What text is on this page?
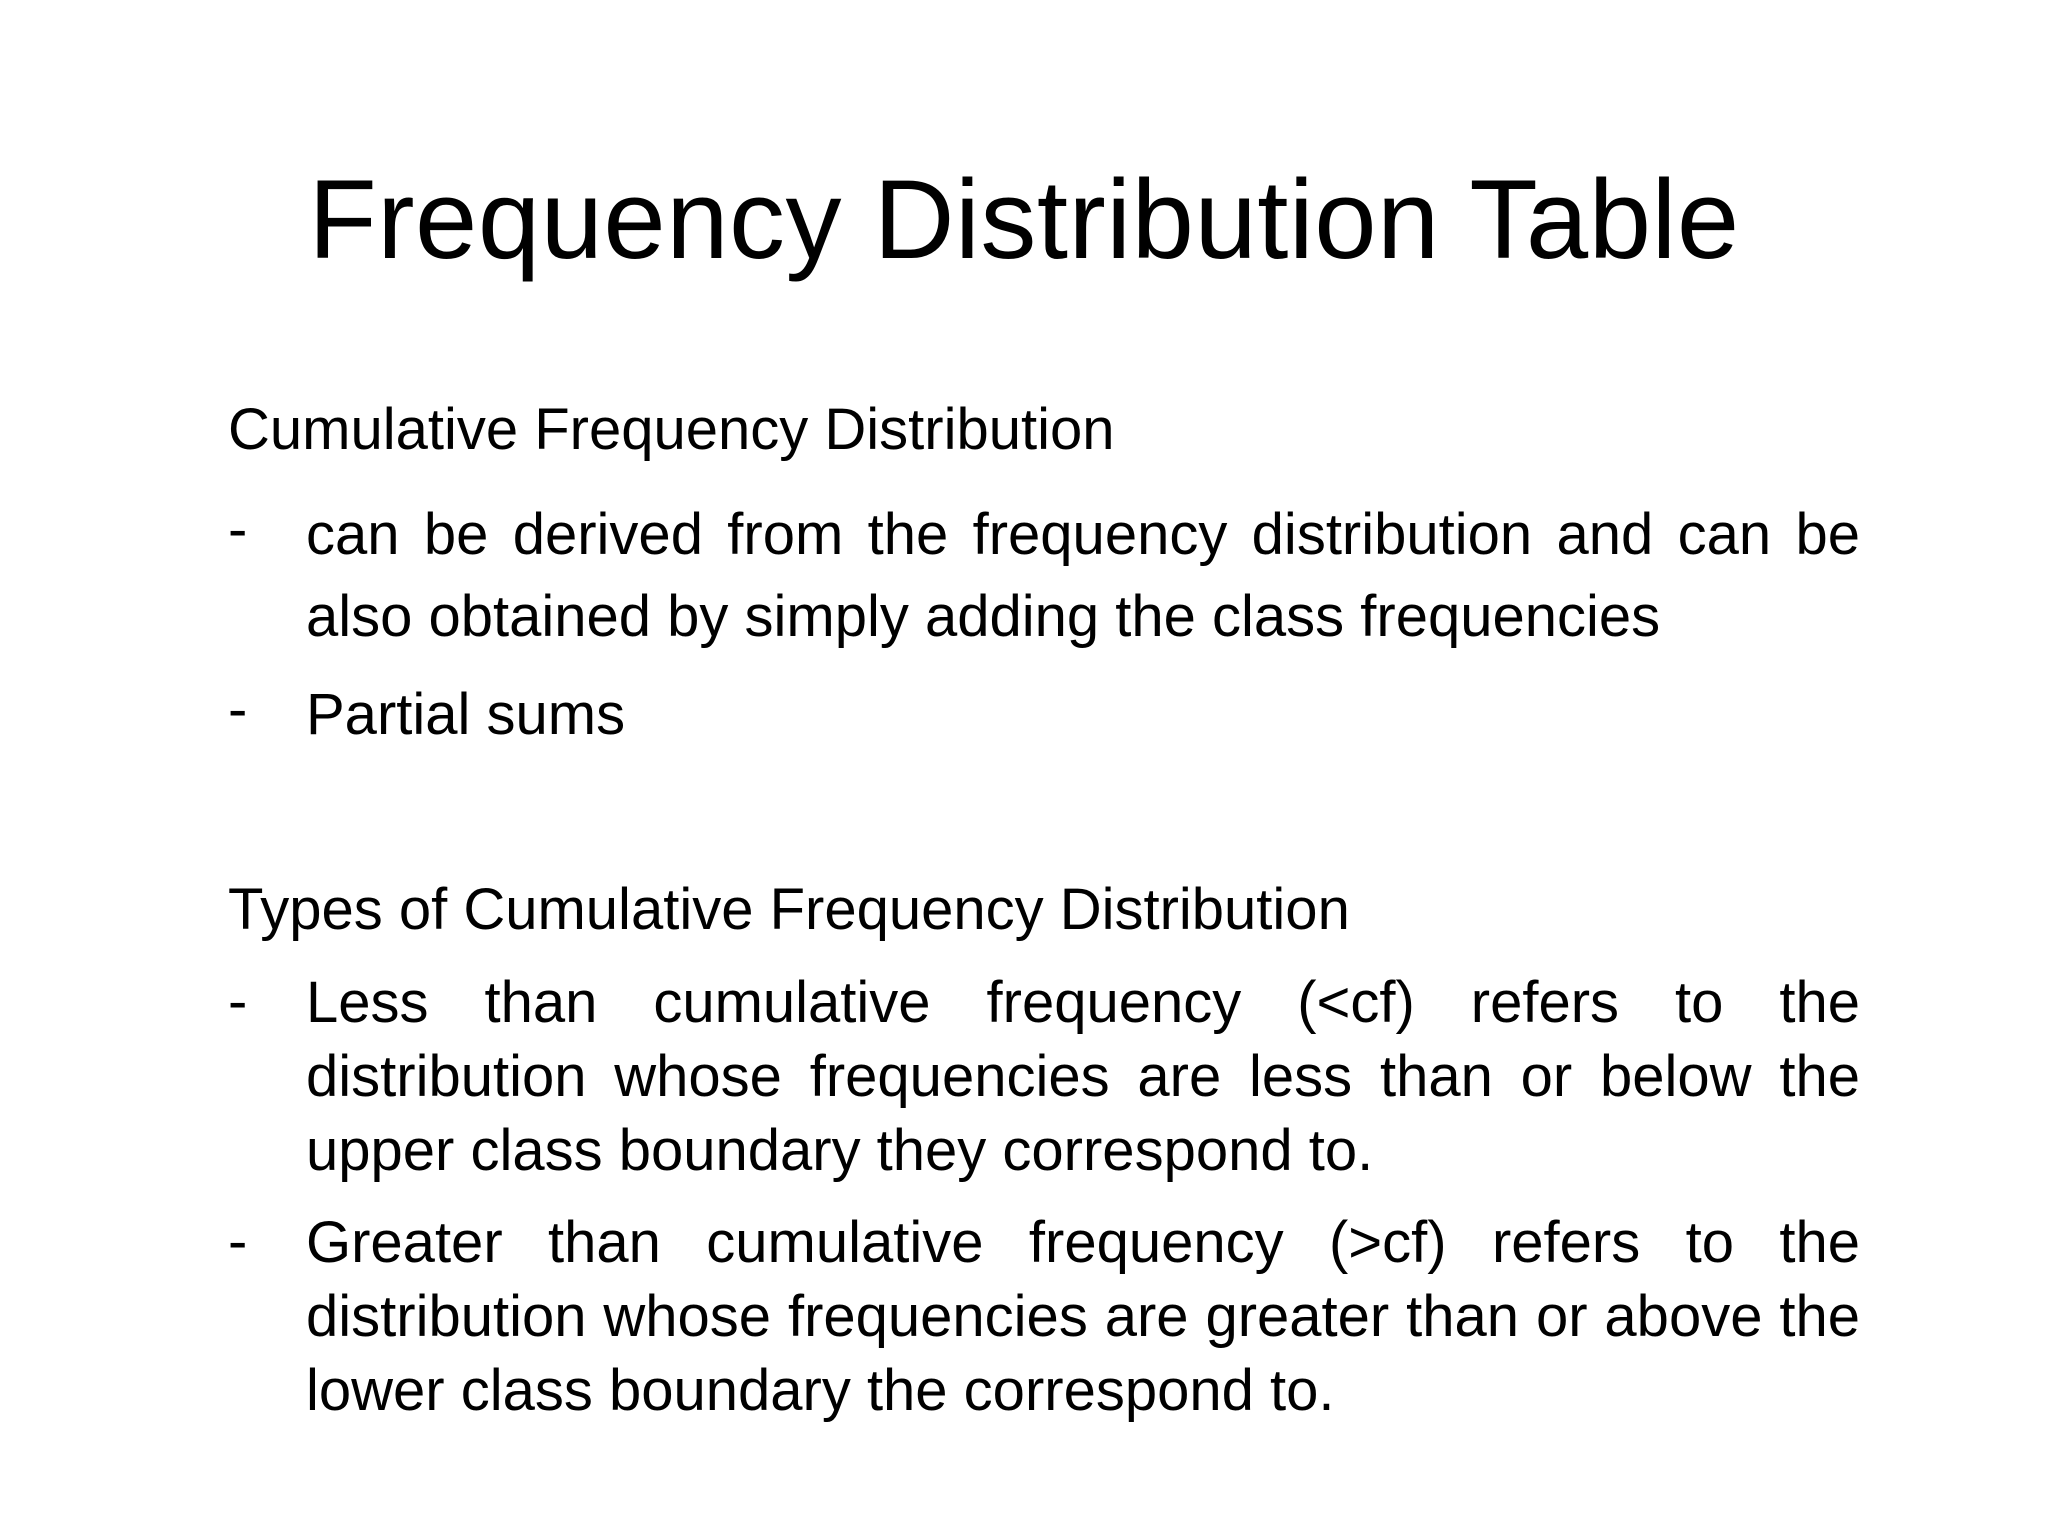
Frequency Distribution Table
Cumulative Frequency Distribution
-	can be derived from the frequency distribution and can be also obtained by simply adding the class frequencies
-	Partial sums
Types of Cumulative Frequency Distribution
-	Less than cumulative frequency (<cf) refers to the distribution whose frequencies are less than or below the upper class boundary they correspond to.
-	Greater than cumulative frequency (>cf) refers to the distribution whose frequencies are greater than or above the lower class boundary the correspond to.
